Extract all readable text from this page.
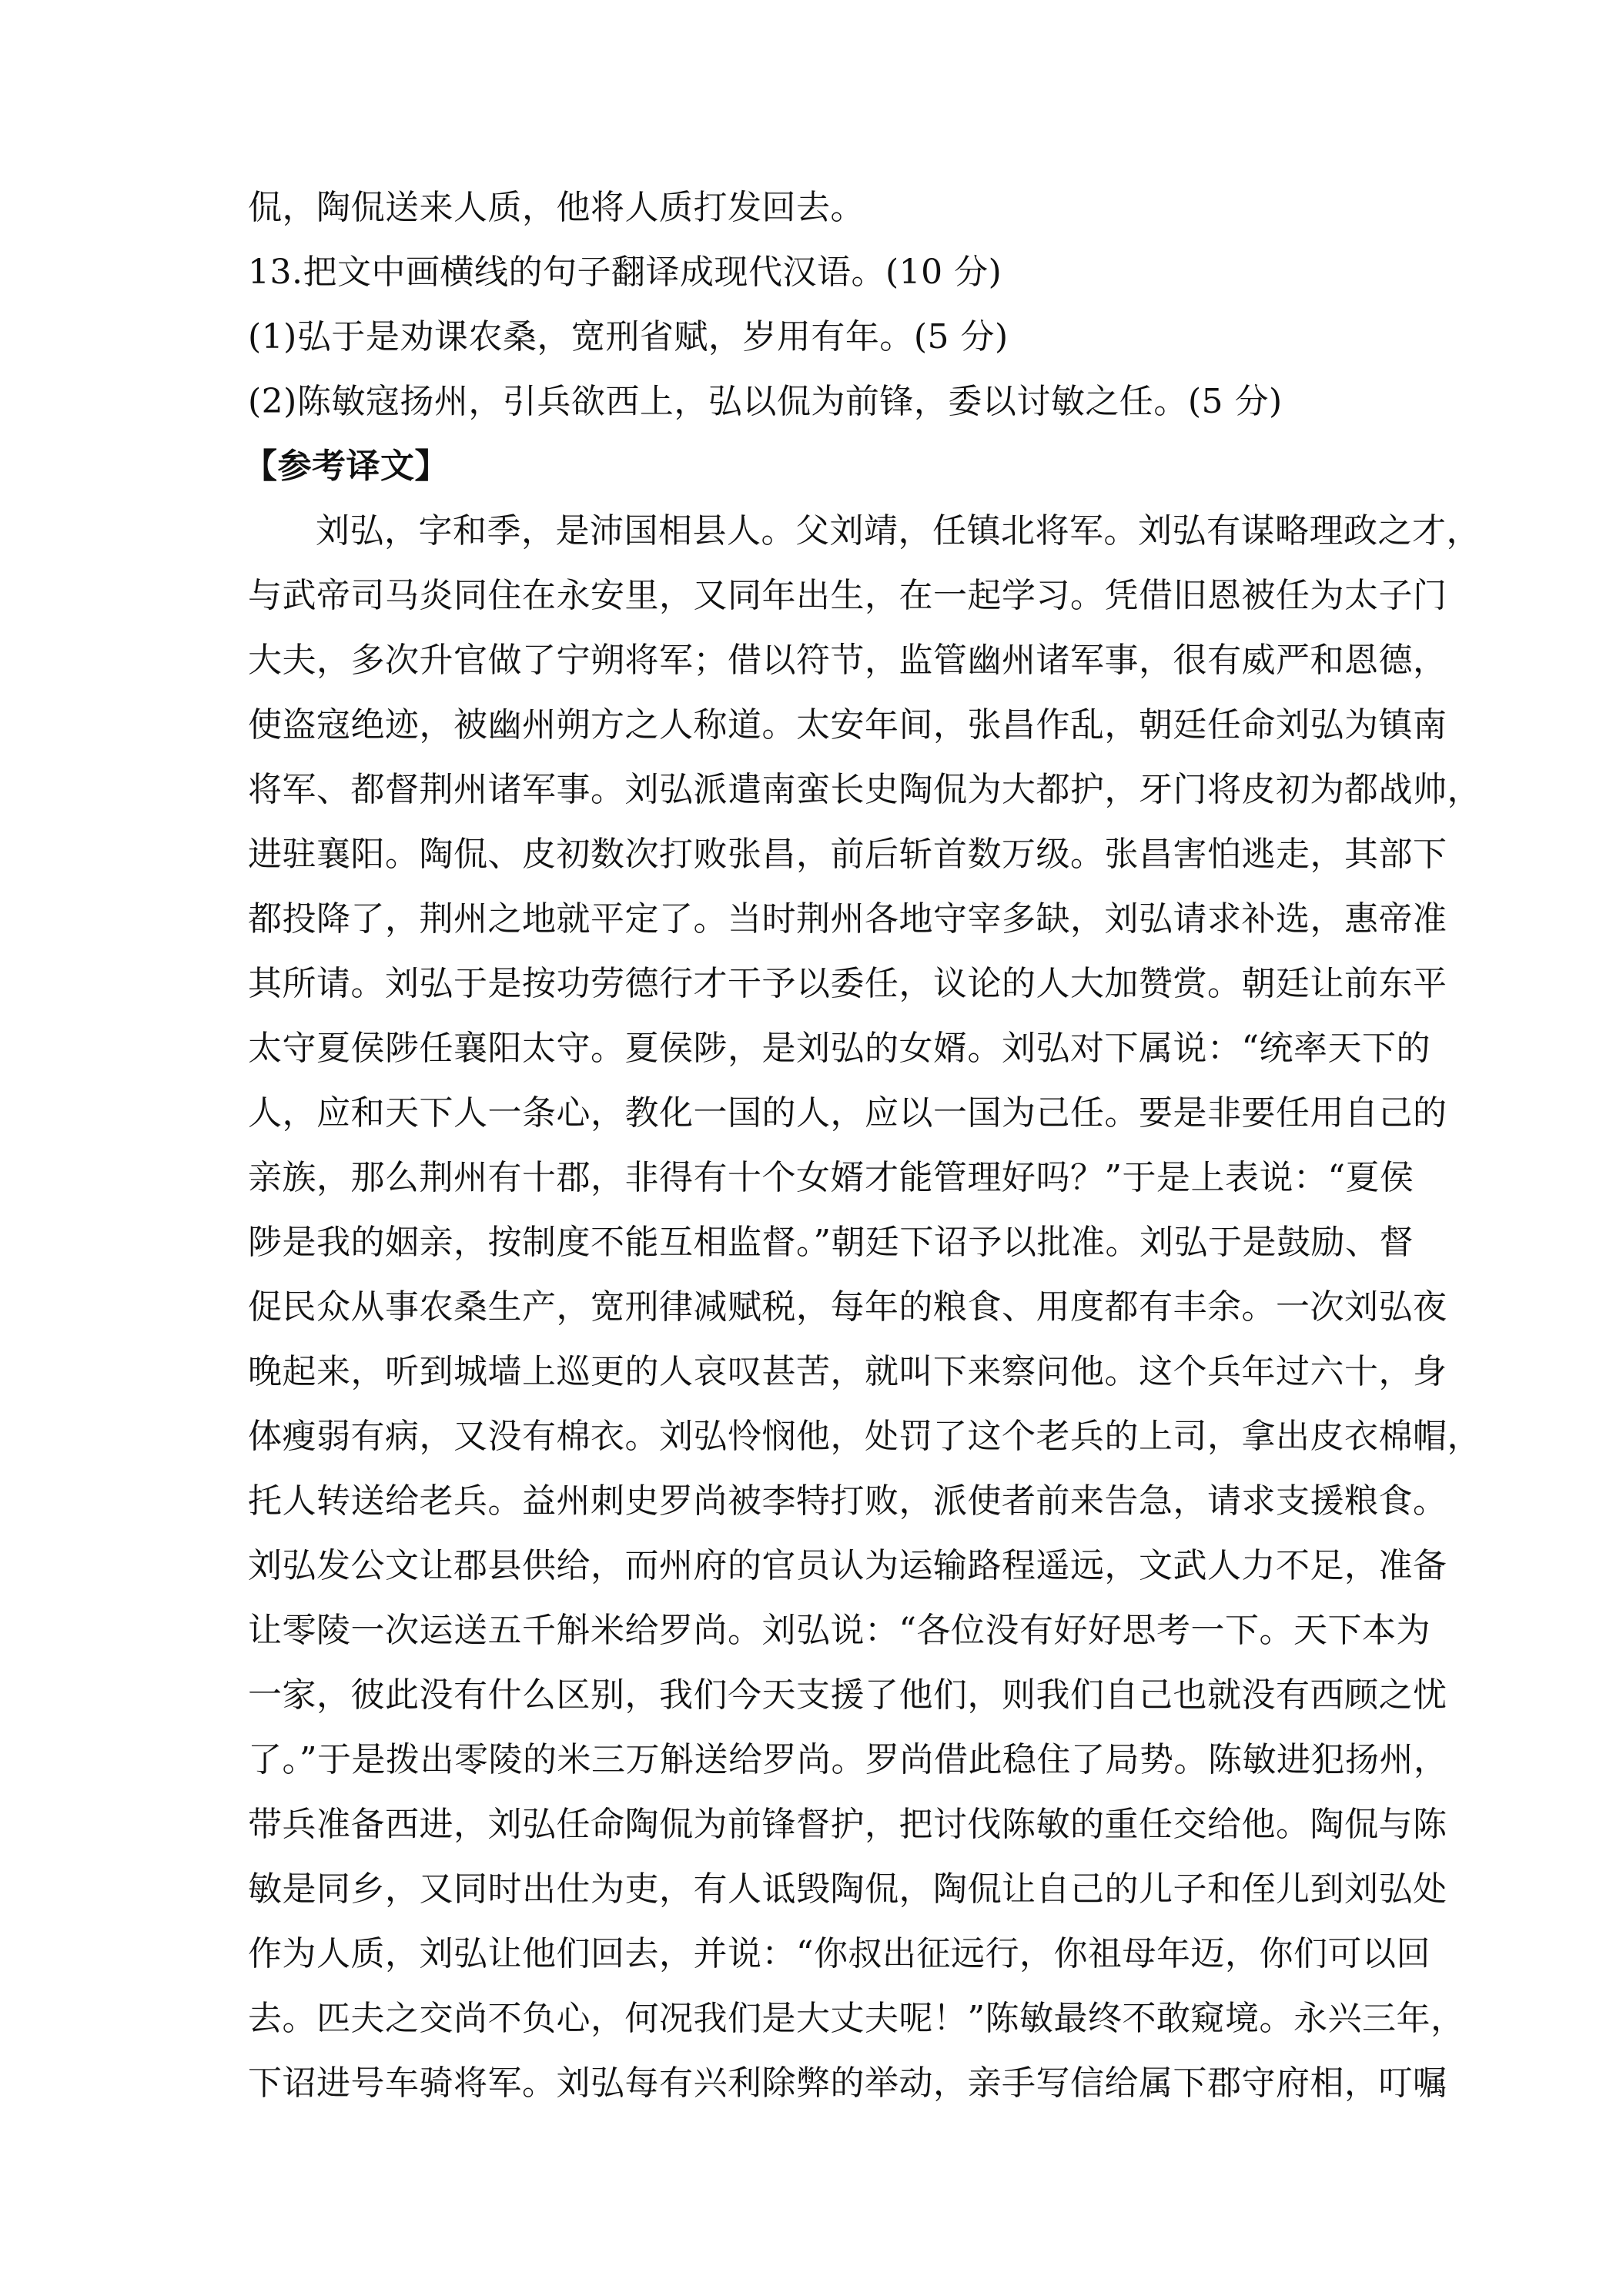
侃，陶侃送来人质，他将人质打发回去。
13.把文中画横线的句子翻译成现代汉语。(10 分)
(1)弘于是劝课农桑，宽刑省赋，岁用有年。(5 分)
(2)陈敏寇扬州，引兵欲西上，弘以侃为前锋，委以讨敏之任。(5 分)
【参考译文】
刘弘，字和季，是沛国相县人。父刘靖，任镇北将军。刘弘有谋略理政之才，
与武帝司马炎同住在永安里，又同年出生，在一起学习。凭借旧恩被任为太子门
大夫，多次升官做了宁朔将军；借以符节，监管幽州诸军事，很有威严和恩德，
使盗寇绝迹，被幽州朔方之人称道。太安年间，张昌作乱，朝廷任命刘弘为镇南
将军、都督荆州诸军事。刘弘派遣南蛮长史陶侃为大都护，牙门将皮初为都战帅，
进驻襄阳。陶侃、皮初数次打败张昌，前后斩首数万级。张昌害怕逃走，其部下
都投降了，荆州之地就平定了。当时荆州各地守宰多缺，刘弘请求补选，惠帝准
其所请。刘弘于是按功劳德行才干予以委任，议论的人大加赞赏。朝廷让前东平
太守夏侯陟任襄阳太守。夏侯陟，是刘弘的女婿。刘弘对下属说：“统率天下的
人，应和天下人一条心，教化一国的人，应以一国为己任。要是非要任用自己的
亲族，那么荆州有十郡，非得有十个女婿才能管理好吗？”于是上表说：“夏侯
陟是我的姻亲，按制度不能互相监督。”朝廷下诏予以批准。刘弘于是鼓励、督
促民众从事农桑生产，宽刑律减赋税，每年的粮食、用度都有丰余。一次刘弘夜
晚起来，听到城墙上巡更的人哀叹甚苦，就叫下来察问他。这个兵年过六十，身
体瘦弱有病，又没有棉衣。刘弘怜悯他，处罚了这个老兵的上司，拿出皮衣棉帽，
托人转送给老兵。益州刺史罗尚被李特打败，派使者前来告急，请求支援粮食。
刘弘发公文让郡县供给，而州府的官员认为运输路程遥远，文武人力不足，准备
让零陵一次运送五千斛米给罗尚。刘弘说：“各位没有好好思考一下。天下本为
一家，彼此没有什么区别，我们今天支援了他们，则我们自己也就没有西顾之忧
了。”于是拨出零陵的米三万斛送给罗尚。罗尚借此稳住了局势。陈敏进犯扬州，
带兵准备西进，刘弘任命陶侃为前锋督护，把讨伐陈敏的重任交给他。陶侃与陈
敏是同乡，又同时出仕为吏，有人诋毁陶侃，陶侃让自己的儿子和侄儿到刘弘处
作为人质，刘弘让他们回去，并说：“你叔出征远行，你祖母年迈，你们可以回
去。匹夫之交尚不负心，何况我们是大丈夫呢！”陈敏最终不敢窥境。永兴三年，
下诏进号车骑将军。刘弘每有兴利除弊的举动，亲手写信给属下郡守府相，叮嘱
